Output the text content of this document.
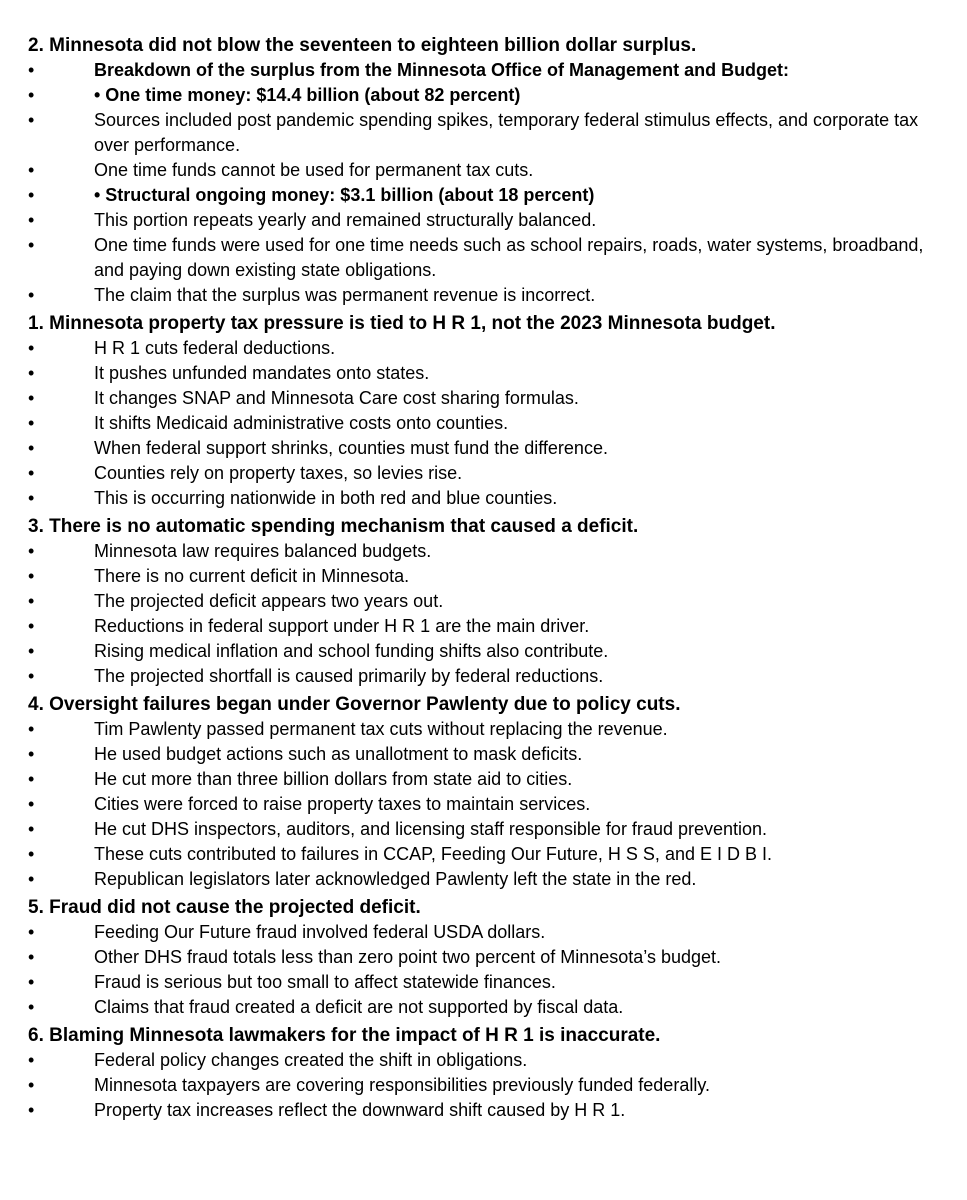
2. Minnesota did not blow the seventeen to eighteen billion dollar surplus.
•	Breakdown of the surplus from the Minnesota Office of Management and Budget:
•	• One time money: $14.4 billion (about 82 percent)
•	Sources included post pandemic spending spikes, temporary federal stimulus effects, and corporate tax over performance.
•	One time funds cannot be used for permanent tax cuts.
•	• Structural ongoing money: $3.1 billion (about 18 percent)
•	This portion repeats yearly and remained structurally balanced.
•	One time funds were used for one time needs such as school repairs, roads, water systems, broadband, and paying down existing state obligations.
•	The claim that the surplus was permanent revenue is incorrect.
1. Minnesota property tax pressure is tied to H R 1, not the 2023 Minnesota budget.
•	H R 1 cuts federal deductions.
•	It pushes unfunded mandates onto states.
•	It changes SNAP and Minnesota Care cost sharing formulas.
•	It shifts Medicaid administrative costs onto counties.
•	When federal support shrinks, counties must fund the difference.
•	Counties rely on property taxes, so levies rise.
•	This is occurring nationwide in both red and blue counties.
3. There is no automatic spending mechanism that caused a deficit.
•	Minnesota law requires balanced budgets.
•	There is no current deficit in Minnesota.
•	The projected deficit appears two years out.
•	Reductions in federal support under H R 1 are the main driver.
•	Rising medical inflation and school funding shifts also contribute.
•	The projected shortfall is caused primarily by federal reductions.
4. Oversight failures began under Governor Pawlenty due to policy cuts.
•	Tim Pawlenty passed permanent tax cuts without replacing the revenue.
•	He used budget actions such as unallotment to mask deficits.
•	He cut more than three billion dollars from state aid to cities.
•	Cities were forced to raise property taxes to maintain services.
•	He cut DHS inspectors, auditors, and licensing staff responsible for fraud prevention.
•	These cuts contributed to failures in CCAP, Feeding Our Future, H S S, and E I D B I.
•	Republican legislators later acknowledged Pawlenty left the state in the red.
5. Fraud did not cause the projected deficit.
•	Feeding Our Future fraud involved federal USDA dollars.
•	Other DHS fraud totals less than zero point two percent of Minnesota’s budget.
•	Fraud is serious but too small to affect statewide finances.
•	Claims that fraud created a deficit are not supported by fiscal data.
6. Blaming Minnesota lawmakers for the impact of H R 1 is inaccurate.
•	Federal policy changes created the shift in obligations.
•	Minnesota taxpayers are covering responsibilities previously funded federally.
•	Property tax increases reflect the downward shift caused by H R 1.
